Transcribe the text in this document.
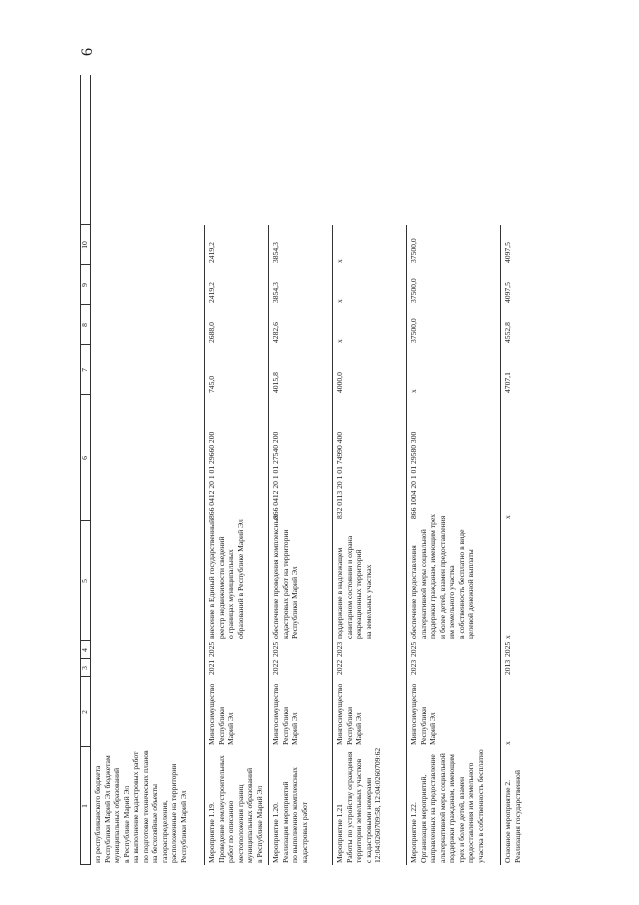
6
1
2
3
4
5
6
7
8
9
10
из республиканского бюджета
Республики Марий Эл бюджетам
муниципальных образований
в Республике Марий Эл
на выполнение кадастровых работ
по подготовке технических планов
на бесхозяйные объекты
газораспределения,
расположенные на территории
Республики Марий Эл
Мероприятие 1.19.
Проведение землеустроительных
работ по описанию
местоположения границ
муниципальных образований
в Республике Марий Эл
Мингосимущество
Республики
Марий Эл
2021
2025
внесение в Единый государственный
реестр недвижимости сведений
о границах муниципальных
образований в Республике Марий Эл
866 0412 20 1 01 29660 200
745,0
2688,0
2419,2
2419,2
Мероприятие 1.20.
Реализация мероприятий
по выполнению комплексных
кадастровых работ
Мингосимущество
Республики
Марий Эл
2022
2025
обеспечение проведения комплексных
кадастровых работ на территории
Республики Марий Эл
866 0412 20 1 01 27540 200
4015,8
4282,6
3854,3
3854,3
Мероприятие 1.21
Работы по устройству ограждения
территории земельных участков
с кадастровыми номерами
12:04:0260709:58, 12:04:0260709:62
Мингосимущество
Республики
Марий Эл
2022
2023
поддержание в надлежащем
санитарном состоянии и охрана
рекреационных территорий
на земельных участках
832 0113 20 1 01 74990 400
4000,0
х
х
х
Мероприятие 1.22.
Организация мероприятий,
направленных на предоставление
альтернативной меры социальной
поддержки гражданам, имеющим
трех и более детей, взамен
предоставления им земельного
участка в собственность бесплатно
Мингосимущество
Республики
Марий Эл
2023
2025
обеспечение предоставления
альтернативной меры социальной
поддержки гражданам, имеющим трех
и более детей, взамен предоставления
им земельного участка
в собственность бесплатно в виде
целевой денежной выплаты
866 1004 20 1 01 29580 300
х
37500,0
37500,0
37500,0
Основное мероприятие 2.
Реализация государственной
х
2013
2025
х
х
4707,1
4552,8
4097,5
4097,5
